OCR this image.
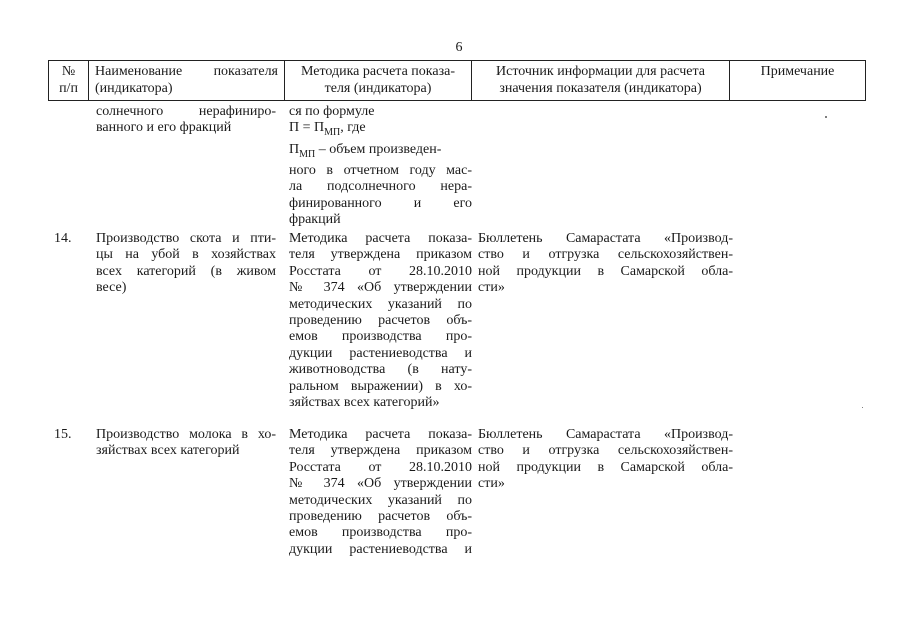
6
№
п/п
Наименование показателя
(индикатора)
Методика расчета показа-
теля (индикатора)
Источник информации для расчета
значения показателя (индикатора)
Примечание
солнечного нерафиниро-
ванного и его фракций
ся по формуле
$П = П_{МП}$, где
$П_{МП}$ – объем произведен-
ного в отчетном году мас-
ла подсолнечного нера-
финированного и его
фракций
14. Производство скота и пти-
цы на убой в хозяйствах
всех категорий (в живом
весе)
Методика расчета показа-
теля утверждена приказом
Росстата от 28.10.2010
№ 374 «Об утверждении
методических указаний по
проведению расчетов объ-
емов производства про-
дукции растениеводства и
животноводства (в нату-
ральном выражении) в хо-
зяйствах всех категорий»
Бюллетень Самарастата «Производ-
ство и отгрузка сельскохозяйствен-
ной продукции в Самарской обла-
сти»
15. Производство молока в хо-
зяйствах всех категорий
Методика расчета показа-
теля утверждена приказом
Росстата от 28.10.2010
№ 374 «Об утверждении
методических указаний по
проведению расчетов объ-
емов производства про-
дукции растениеводства и
Бюллетень Самарастата «Производ-
ство и отгрузка сельскохозяйствен-
ной продукции в Самарской обла-
сти»
